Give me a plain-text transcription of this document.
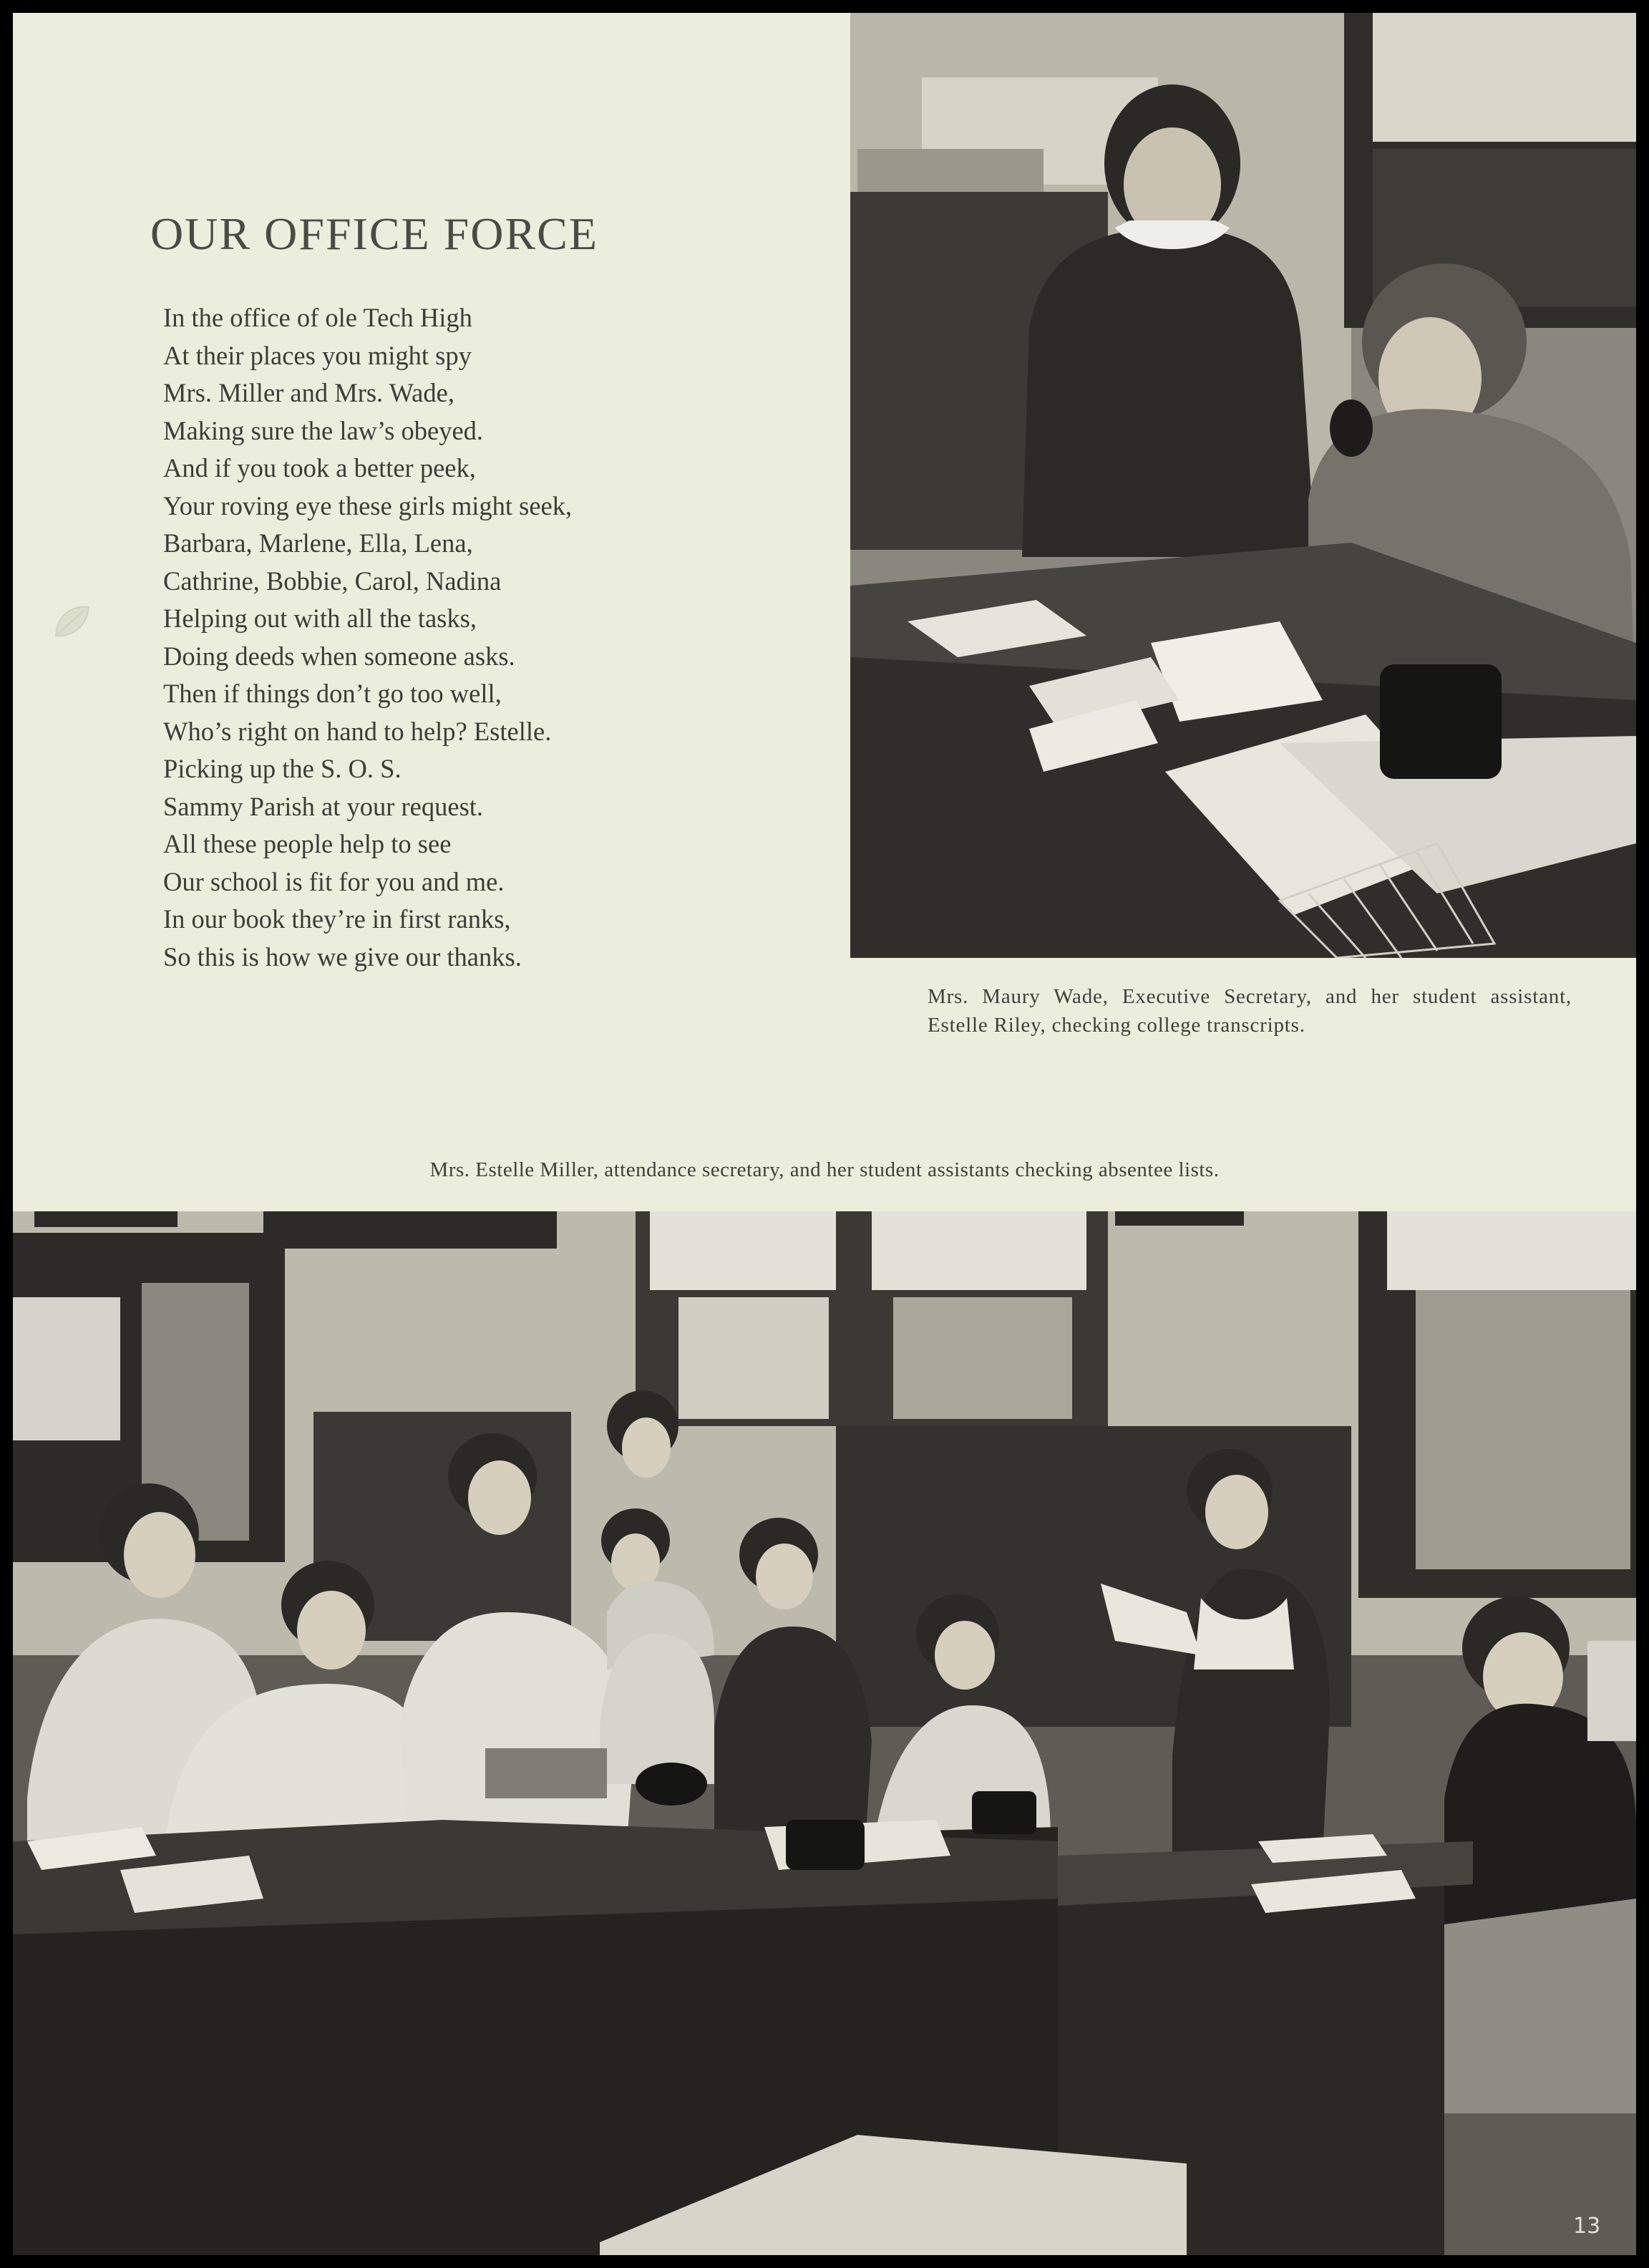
OUR OFFICE FORCE
In the office of ole Tech High
At their places you might spy
Mrs. Miller and Mrs. Wade,
Making sure the law’s obeyed.
And if you took a better peek,
Your roving eye these girls might seek,
Barbara, Marlene, Ella, Lena,
Cathrine, Bobbie, Carol, Nadina
Helping out with all the tasks,
Doing deeds when someone asks.
Then if things don’t go too well,
Who’s right on hand to help? Estelle.
Picking up the S. O. S.
Sammy Parish at your request.
All these people help to see
Our school is fit for you and me.
In our book they’re in first ranks,
So this is how we give our thanks.

Mrs. Maury Wade, Executive Secretary, and her student assistant, Estelle Riley, checking college transcripts.

Mrs. Estelle Miller, attendance secretary, and her student assistants checking absentee lists.

13
